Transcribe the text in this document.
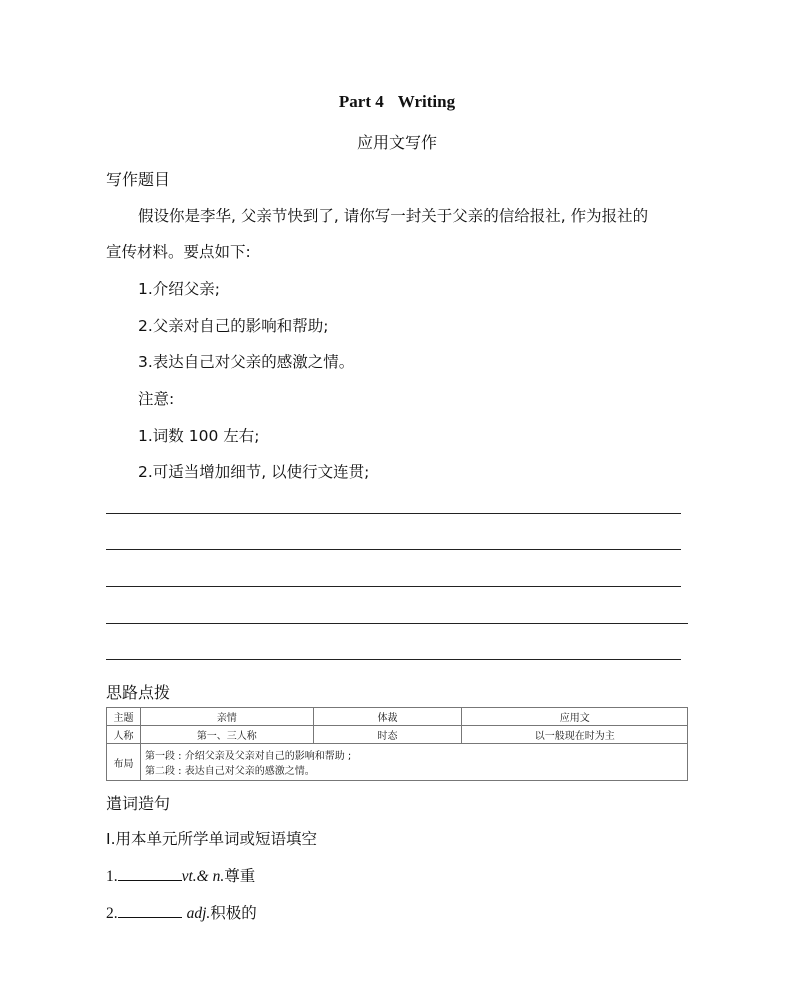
Part 4 Writing
应用文写作
写作题目
假设你是李华, 父亲节快到了, 请你写一封关于父亲的信给报社, 作为报社的
宣传材料。要点如下:
1.介绍父亲;
2.父亲对自己的影响和帮助;
3.表达自己对父亲的感激之情。
注意:
1.词数 100 左右;
2.可适当增加细节, 以使行文连贯;
思路点拨
主题	亲情	体裁	应用文
人称	第一、三人称	时态	以一般现在时为主
布局	第一段 : 介绍父亲及父亲对自己的影响和帮助 ;
第二段 : 表达自己对父亲的感激之情。		
遣词造句
Ⅰ.用本单元所学单词或短语填空
1.	vt.& n.尊重
2.	adj.积极的
